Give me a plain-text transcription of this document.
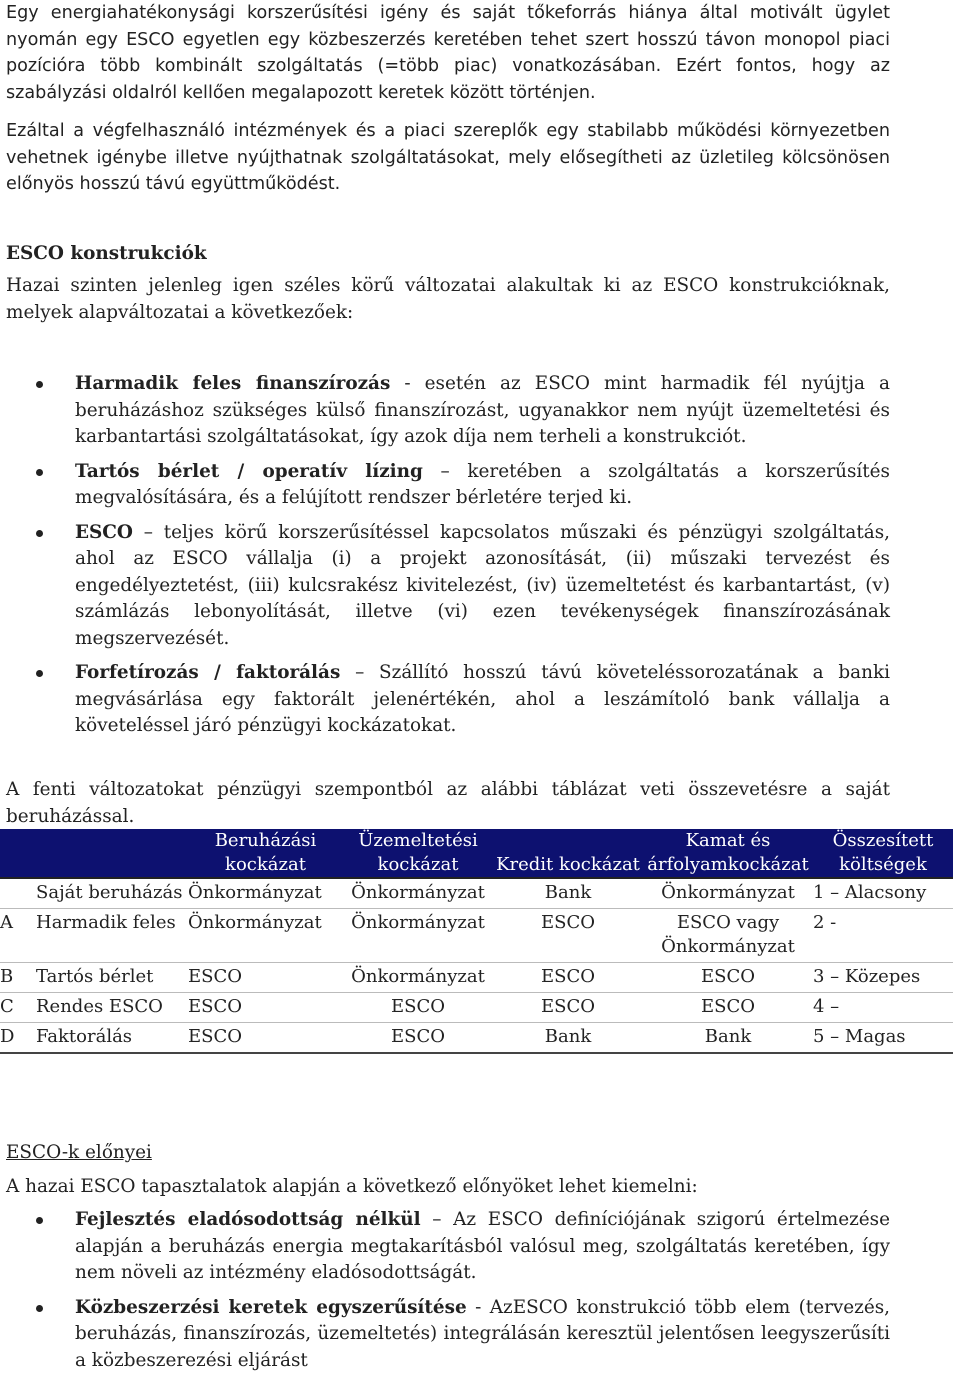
Egy energiahatékonysági korszerűsítési igény és saját tőkeforrás hiánya által motivált ügylet nyomán egy ESCO egyetlen egy közbeszerzés keretében tehet szert hosszú távon monopol piaci pozícióra több kombinált szolgáltatás (=több piac) vonatkozásában. Ezért fontos, hogy az szabályzási oldalról kellően megalapozott keretek között történjen.

Ezáltal a végfelhasználó intézmények és a piaci szereplők egy stabilabb működési környezetben vehetnek igénybe illetve nyújthatnak szolgáltatásokat, mely elősegítheti az üzletileg kölcsönösen előnyös hosszú távú együttműködést.

ESCO konstrukciók

Hazai szinten jelenleg igen széles körű változatai alakultak ki az ESCO konstrukcióknak, melyek alapváltozatai a következőek:

Harmadik feles finanszírozás - esetén az ESCO mint harmadik fél nyújtja a beruházáshoz szükséges külső finanszírozást, ugyanakkor nem nyújt üzemeltetési és karbantartási szolgáltatásokat, így azok díja nem terheli a konstrukciót.
Tartós bérlet / operatív lízing – keretében a szolgáltatás a korszerűsítés megvalósítására, és a felújított rendszer bérletére terjed ki.
ESCO – teljes körű korszerűsítéssel kapcsolatos műszaki és pénzügyi szolgáltatás, ahol az ESCO vállalja (i) a projekt azonosítását, (ii) műszaki tervezést és engedélyeztetést, (iii) kulcsrakész kivitelezést, (iv) üzemeltetést és karbantartást, (v) számlázás lebonyolítását, illetve (vi) ezen tevékenységek finanszírozásának megszervezését.
Forfetírozás / faktorálás – Szállító hosszú távú követeléssorozatának a banki megvásárlása egy faktorált jelenértékén, ahol a leszámítoló bank vállalja a követeléssel járó pénzügyi kockázatokat.

A fenti változatokat pénzügyi szempontból az alábbi táblázat veti összevetésre a saját beruházással.

		Beruházási kockázat	Üzemeltetési kockázat	Kredit kockázat	Kamat és árfolyamkockázat	Összesített költségek
	Saját beruházás	Önkormányzat	Önkormányzat	Bank	Önkormányzat	1 – Alacsony
A	Harmadik feles	Önkormányzat	Önkormányzat	ESCO	ESCO vagy Önkormányzat	2 -
B	Tartós bérlet	ESCO	Önkormányzat	ESCO	ESCO	3 – Közepes
C	Rendes ESCO	ESCO	ESCO	ESCO	ESCO	4 –
D	Faktorálás	ESCO	ESCO	Bank	Bank	5 – Magas

ESCO-k előnyei

A hazai ESCO tapasztalatok alapján a következő előnyöket lehet kiemelni:

Fejlesztés eladósodottság nélkül – Az ESCO definíciójának szigorú értelmezése alapján a beruházás energia megtakarításból valósul meg, szolgáltatás keretében, így nem növeli az intézmény eladósodottságát.
Közbeszerzési keretek egyszerűsítése - AzESCO konstrukció több elem (tervezés, beruházás, finanszírozás, üzemeltetés) integrálásán keresztül jelentősen leegyszerűsíti a közbeszerezési eljárást
